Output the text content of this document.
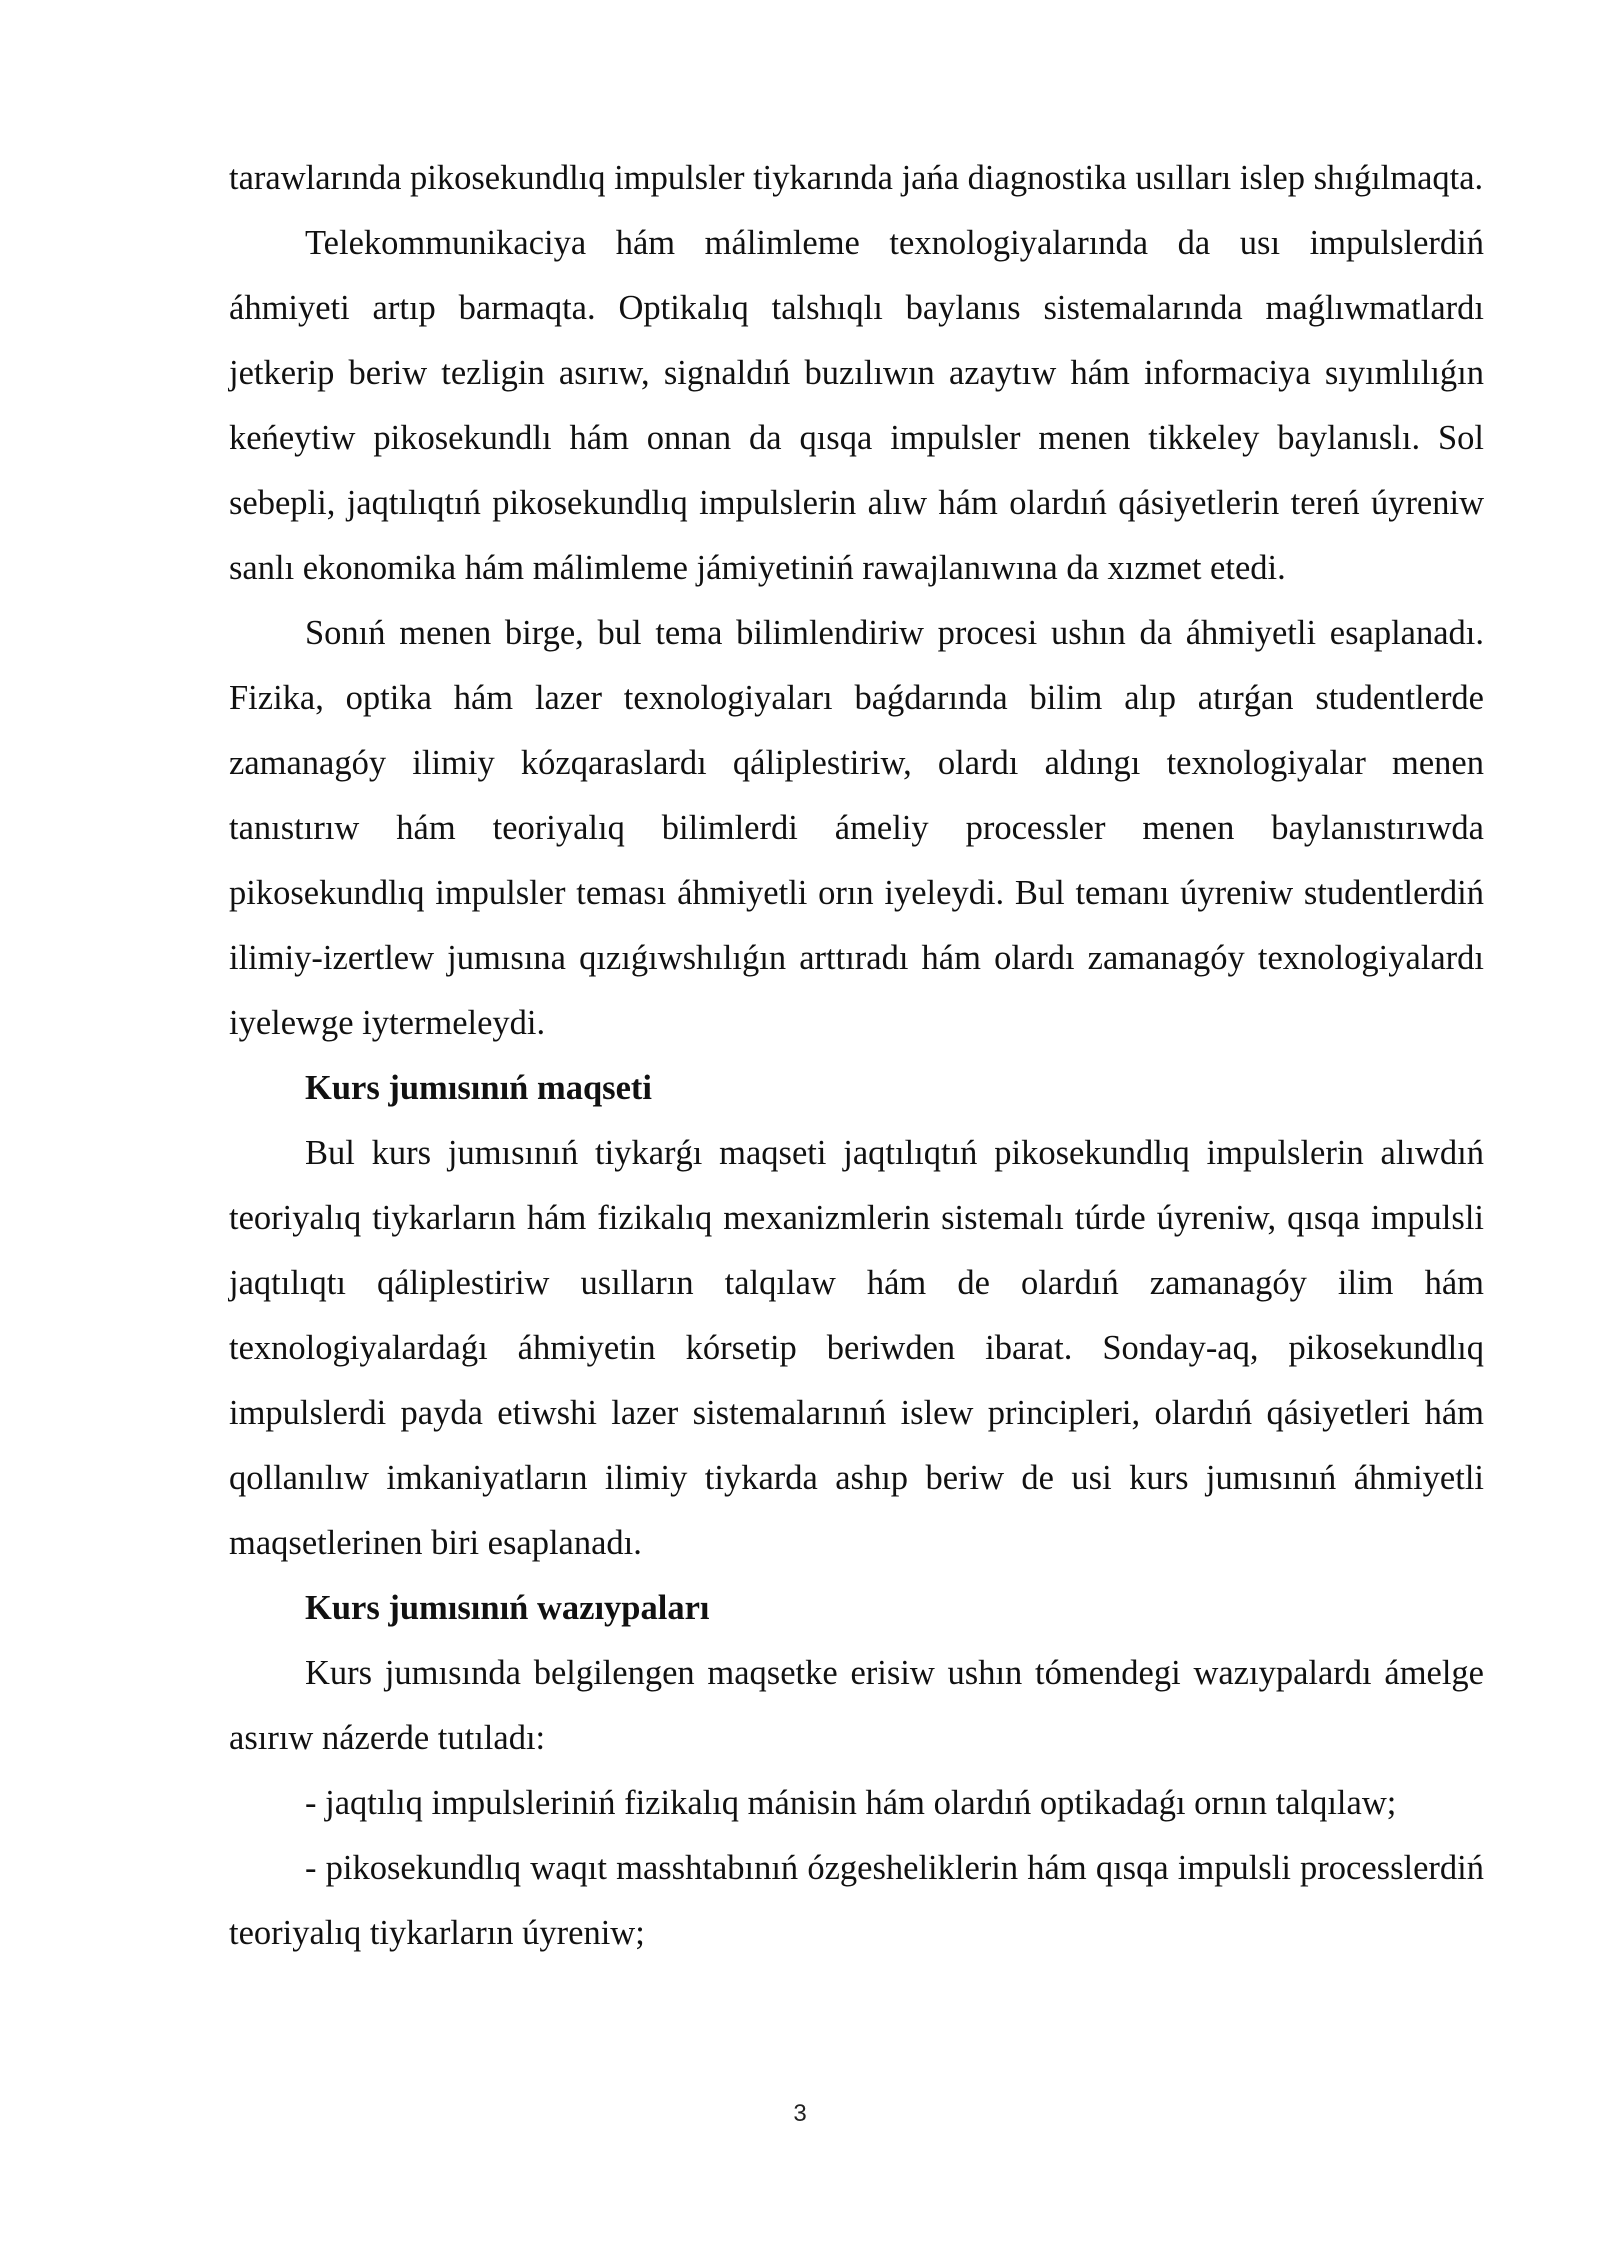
tarawlarında pikosekundlıq impulsler tiykarında jańa diagnostika usılları islep shıǵılmaqta.

Telekommunikaciya hám málimleme texnologiyalarında da usı impulslerdiń áhmiyeti artıp barmaqta. Optikalıq talshıqlı baylanıs sistemalarında maǵlıwmatlardı jetkerip beriw tezligin asırıw, signaldıń buzılıwın azaytıw hám informaciya sıyımlılıǵın keńeytiw pikosekundlı hám onnan da qısqa impulsler menen tikkeley baylanıslı. Sol sebepli, jaqtılıqtıń pikosekundlıq impulslerin alıw hám olardıń qásiyetlerin tereń úyreniw sanlı ekonomika hám málimleme jámiyetiniń rawajlanıwına da xızmet etedi.

Sonıń menen birge, bul tema bilimlendiriw procesi ushın da áhmiyetli esaplanadı. Fizika, optika hám lazer texnologiyaları baǵdarında bilim alıp atırǵan studentlerde zamanagóy ilimiy kózqaraslardı qáliplestiriw, olardı aldıngı texnologiyalar menen tanıstırıw hám teoriyalıq bilimlerdi ámeliy processler menen baylanıstırıwda pikosekundlıq impulsler teması áhmiyetli orın iyeleydi. Bul temanı úyreniw studentlerdiń ilimiy-izertlew jumısına qızıǵıwshılıǵın arttıradı hám olardı zamanagóy texnologiyalardı iyelewge iytermeleydi.

Kurs jumısınıń maqseti

Bul kurs jumısınıń tiykarǵı maqseti jaqtılıqtıń pikosekundlıq impulslerin alıwdıń teoriyalıq tiykarların hám fizikalıq mexanizmlerin sistemalı túrde úyreniw, qısqa impulsli jaqtılıqtı qáliplestiriw usılların talqılaw hám de olardıń zamanagóy ilim hám texnologiyalardaǵı áhmiyetin kórsetip beriwden ibarat. Sonday-aq, pikosekundlıq impulslerdi payda etiwshi lazer sistemalarınıń islew principleri, olardıń qásiyetleri hám qollanılıw imkaniyatların ilimiy tiykarda ashıp beriw de usi kurs jumısınıń áhmiyetli maqsetlerinen biri esaplanadı.

Kurs jumısınıń wazıypaları

Kurs jumısında belgilengen maqsetke erisiw ushın tómendegi wazıypalardı ámelge asırıw názerde tutıladı:

- jaqtılıq impulsleriniń fizikalıq mánisin hám olardıń optikadaǵı ornın talqılaw;

- pikosekundlıq waqıt masshtabınıń ózgesheliklerin hám qısqa impulsli processlerdiń teoriyalıq tiykarların úyreniw;

3
